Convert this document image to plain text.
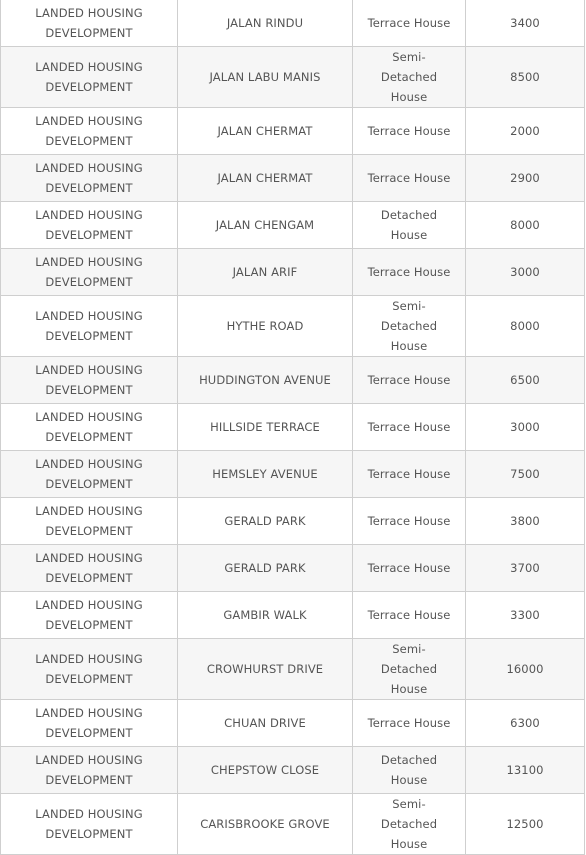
LANDED HOUSING DEVELOPMENT	JALAN RINDU	Terrace House	3400

LANDED HOUSING DEVELOPMENT	JALAN LABU MANIS	Semi-Detached House	8500

LANDED HOUSING DEVELOPMENT	JALAN CHERMAT	Terrace House	2000

LANDED HOUSING DEVELOPMENT	JALAN CHERMAT	Terrace House	2900

LANDED HOUSING DEVELOPMENT	JALAN CHENGAM	Detached House	8000

LANDED HOUSING DEVELOPMENT	JALAN ARIF	Terrace House	3000

LANDED HOUSING DEVELOPMENT	HYTHE ROAD	Semi-Detached House	8000

LANDED HOUSING DEVELOPMENT	HUDDINGTON AVENUE	Terrace House	6500

LANDED HOUSING DEVELOPMENT	HILLSIDE TERRACE	Terrace House	3000

LANDED HOUSING DEVELOPMENT	HEMSLEY AVENUE	Terrace House	7500

LANDED HOUSING DEVELOPMENT	GERALD PARK	Terrace House	3800

LANDED HOUSING DEVELOPMENT	GERALD PARK	Terrace House	3700

LANDED HOUSING DEVELOPMENT	GAMBIR WALK	Terrace House	3300

LANDED HOUSING DEVELOPMENT	CROWHURST DRIVE	Semi-Detached House	16000

LANDED HOUSING DEVELOPMENT	CHUAN DRIVE	Terrace House	6300

LANDED HOUSING DEVELOPMENT	CHEPSTOW CLOSE	Detached House	13100

LANDED HOUSING DEVELOPMENT	CARISBROOKE GROVE	Semi-Detached House	12500
